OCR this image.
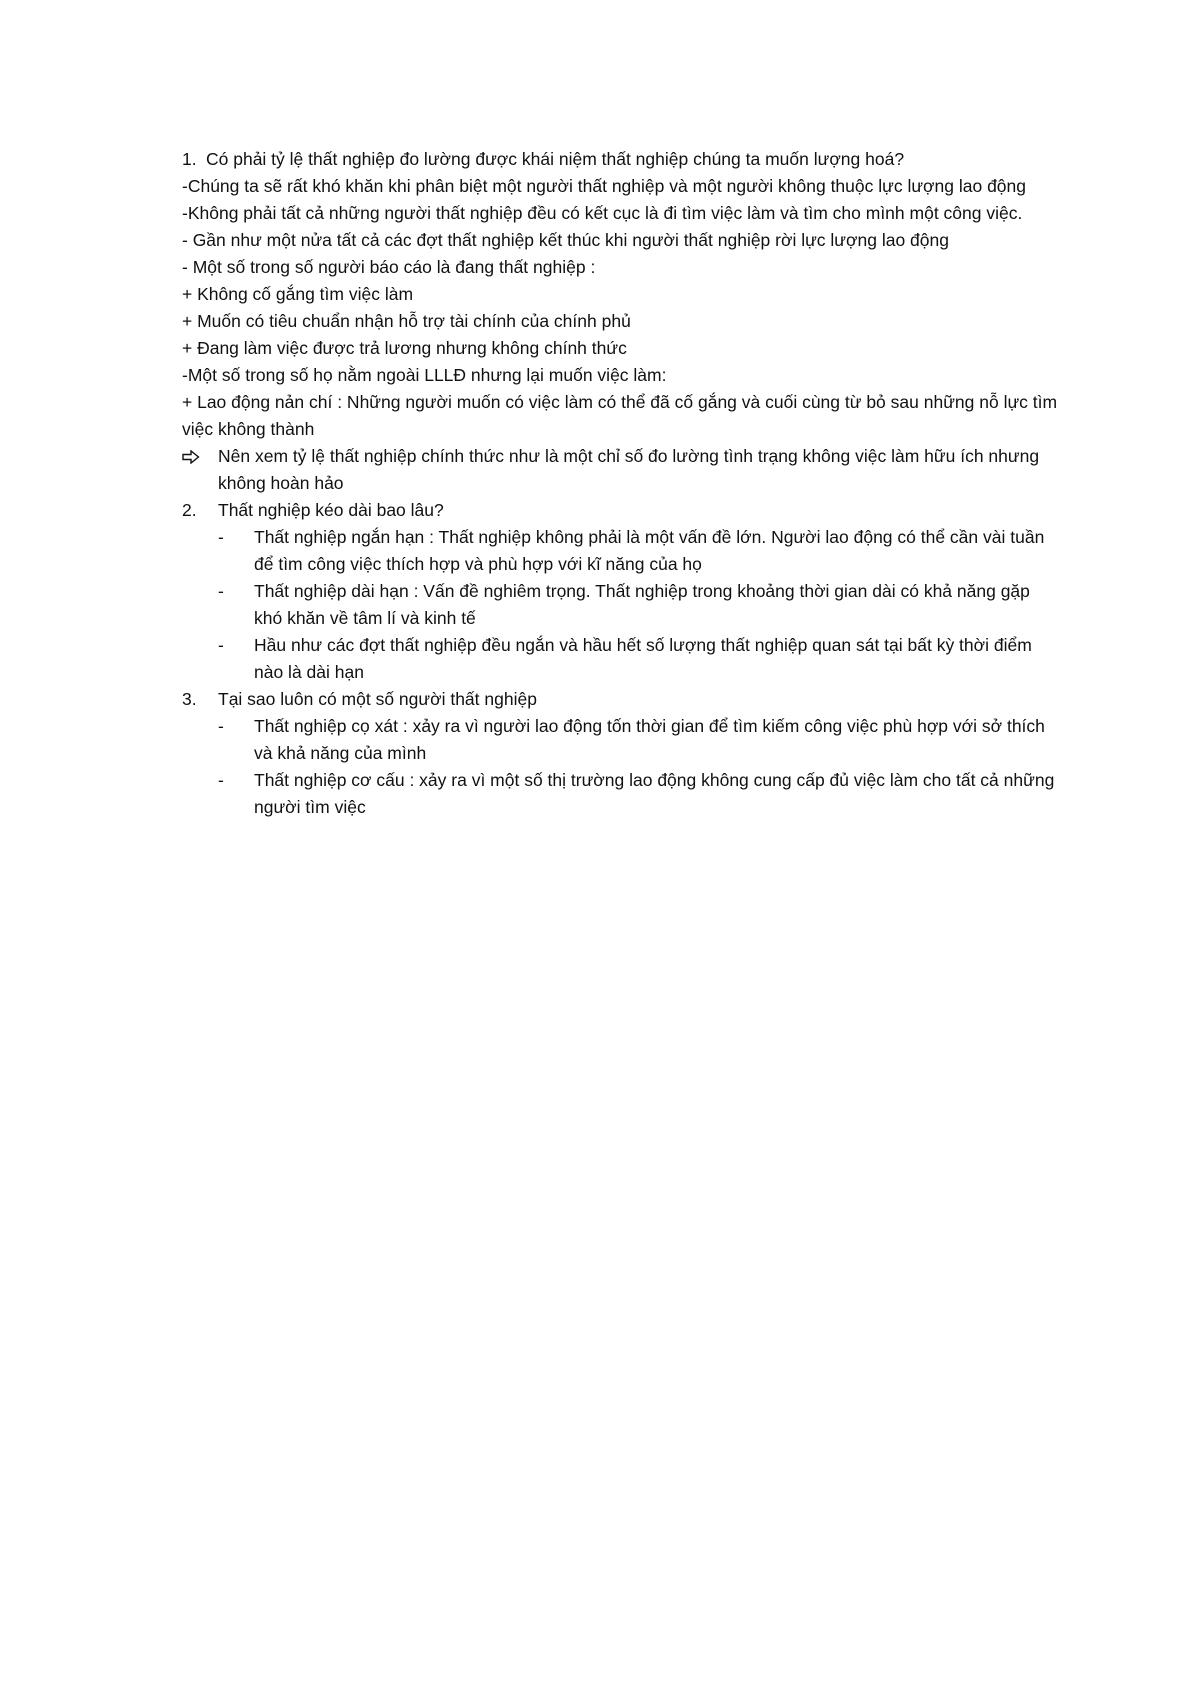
1. Có phải tỷ lệ thất nghiệp đo lường được khái niệm thất nghiệp chúng ta muốn lượng hoá?

-Chúng ta sẽ rất khó khăn khi phân biệt một người thất nghiệp và một người không thuộc lực lượng lao động

-Không phải tất cả những người thất nghiệp đều có kết cục là đi tìm việc làm và tìm cho mình một công việc.

- Gần như một nửa tất cả các đợt thất nghiệp kết thúc khi người thất nghiệp rời lực lượng lao động

- Một số trong số người báo cáo là đang thất nghiệp :

+ Không cố gắng tìm việc làm

+ Muốn có tiêu chuẩn nhận hỗ trợ tài chính của chính phủ

+ Đang làm việc được trả lương nhưng không chính thức

-Một số trong số họ nằm ngoài LLLĐ nhưng lại muốn việc làm:

+ Lao động nản chí : Những người muốn có việc làm có thể đã cố gắng và cuối cùng từ bỏ sau những nỗ lực tìm việc không thành

Nên xem tỷ lệ thất nghiệp chính thức như là một chỉ số đo lường tình trạng không việc làm hữu ích nhưng không hoàn hảo
2.	Thất nghiệp kéo dài bao lâu?
-	Thất nghiệp ngắn hạn : Thất nghiệp không phải là một vấn đề lớn. Người lao động có thể cần vài tuần để tìm công việc thích hợp và phù hợp với kĩ năng của họ
-	Thất nghiệp dài hạn : Vấn đề nghiêm trọng. Thất nghiệp trong khoảng thời gian dài có khả năng gặp khó khăn về tâm lí và kinh tế
-	Hầu như các đợt thất nghiệp đều ngắn và hầu hết số lượng thất nghiệp quan sát tại bất kỳ thời điểm nào là dài hạn
3.	Tại sao luôn có một số người thất nghiệp
-	Thất nghiệp cọ xát : xảy ra vì người lao động tốn thời gian để tìm kiếm công việc phù hợp với sở thích và khả năng của mình
-	Thất nghiệp cơ cấu : xảy ra vì một số thị trường lao động không cung cấp đủ việc làm cho tất cả những người tìm việc
